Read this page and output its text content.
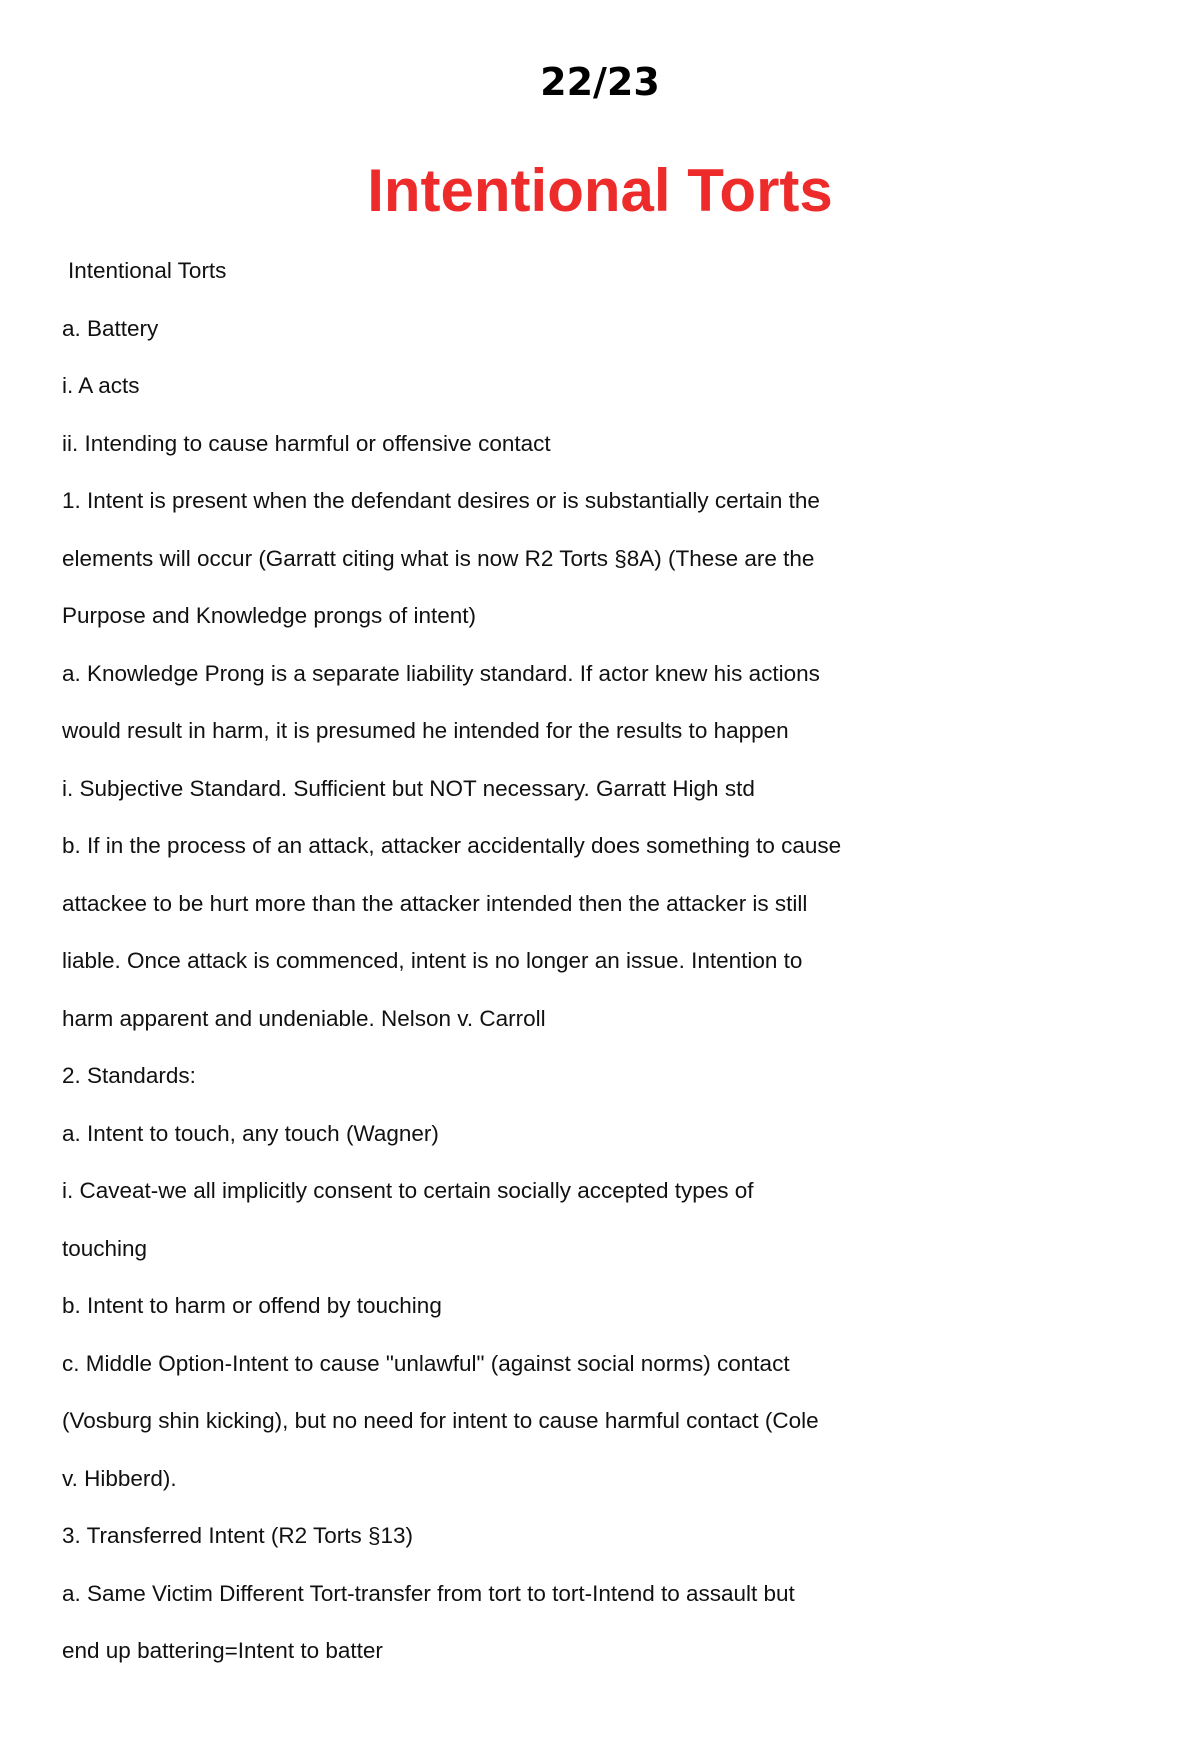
22/23
Intentional Torts
Intentional Torts
a. Battery
i. A acts
ii. Intending to cause harmful or offensive contact
1. Intent is present when the defendant desires or is substantially certain the
elements will occur (Garratt citing what is now R2 Torts §8A) (These are the
Purpose and Knowledge prongs of intent)
a. Knowledge Prong is a separate liability standard. If actor knew his actions
would result in harm, it is presumed he intended for the results to happen
i. Subjective Standard. Sufficient but NOT necessary. Garratt High std
b. If in the process of an attack, attacker accidentally does something to cause
attackee to be hurt more than the attacker intended then the attacker is still
liable. Once attack is commenced, intent is no longer an issue. Intention to
harm apparent and undeniable. Nelson v. Carroll
2. Standards:
a. Intent to touch, any touch (Wagner)
i. Caveat-we all implicitly consent to certain socially accepted types of
touching
b. Intent to harm or offend by touching
c. Middle Option-Intent to cause "unlawful" (against social norms) contact
(Vosburg shin kicking), but no need for intent to cause harmful contact (Cole
v. Hibberd).
3. Transferred Intent (R2 Torts §13)
a. Same Victim Different Tort-transfer from tort to tort-Intend to assault but
end up battering=Intent to batter
